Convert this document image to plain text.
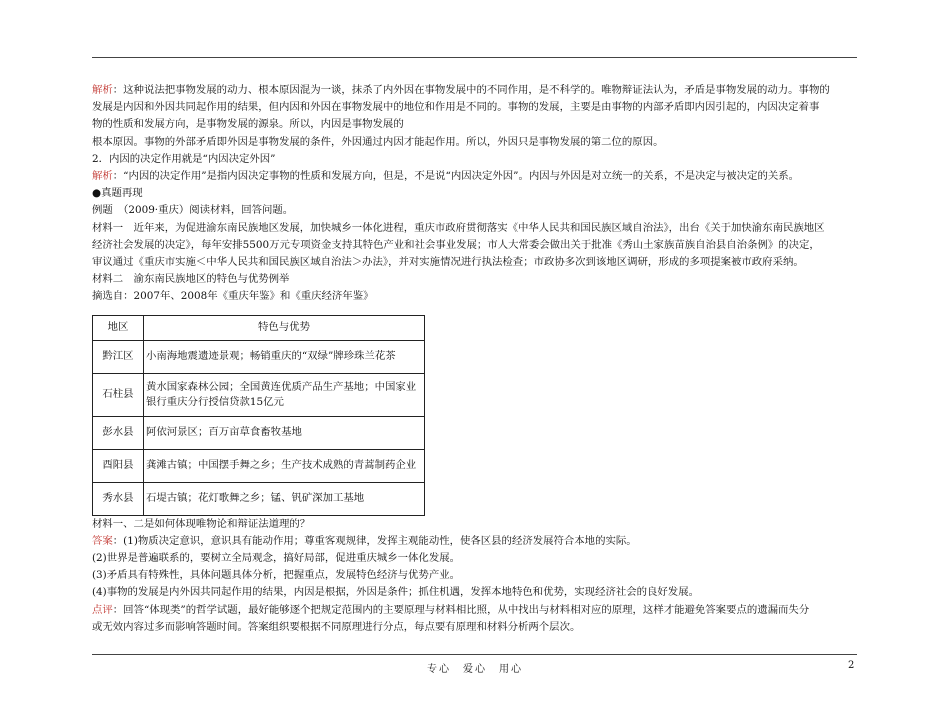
解析：这种说法把事物发展的动力、根本原因混为一谈，抹杀了内外因在事物发展中的不同作用，是不科学的。唯物辩证法认为，矛盾是事物发展的动力。事物的

发展是内因和外因共同起作用的结果，但内因和外因在事物发展中的地位和作用是不同的。事物的发展，主要是由事物的内部矛盾即内因引起的，内因决定着事

物的性质和发展方向，是事物发展的源泉。所以，内因是事物发展的

根本原因。事物的外部矛盾即外因是事物发展的条件，外因通过内因才能起作用。所以，外因只是事物发展的第二位的原因。

2．内因的决定作用就是“内因决定外因”

解析：“内因的决定作用”是指内因决定事物的性质和发展方向，但是，不是说“内因决定外因”。内因与外因是对立统一的关系，不是决定与被决定的关系。

●真题再现

例题　（2009·重庆）阅读材料，回答问题。

材料一　近年来，为促进渝东南民族地区发展，加快城乡一体化进程，重庆市政府贯彻落实《中华人民共和国民族区域自治法》，出台《关于加快渝东南民族地区

经济社会发展的决定》，每年安排5500万元专项资金支持其特色产业和社会事业发展；市人大常委会做出关于批准《秀山土家族苗族自治县自治条例》的决定，

审议通过《重庆市实施＜中华人民共和国民族区域自治法＞办法》，并对实施情况进行执法检查；市政协多次到该地区调研，形成的多项提案被市政府采纳。

材料二　渝东南民族地区的特色与优势例举

摘选自：2007年、2008年《重庆年鉴》和《重庆经济年鉴》

地区	特色与优势
黔江区	小南海地震遗迹景观；畅销重庆的“双绿”牌珍珠兰花茶
石柱县	黄水国家森林公园；全国黄连优质产品生产基地；中国家业
银行重庆分行授信贷款15亿元
彭水县	阿依河景区；百万亩草食畜牧基地
酉阳县	龚滩古镇；中国摆手舞之乡；生产技术成熟的青蒿制药企业
秀水县	石堤古镇；花灯歌舞之乡；锰、钒矿深加工基地

材料一、二是如何体现唯物论和辩证法道理的？

答案：(1)物质决定意识，意识具有能动作用；尊重客观规律，发挥主观能动性，使各区县的经济发展符合本地的实际。

(2)世界是普遍联系的，要树立全局观念，搞好局部，促进重庆城乡一体化发展。

(3)矛盾具有特殊性，具体问题具体分析，把握重点，发展特色经济与优势产业。

(4)事物的发展是内外因共同起作用的结果，内因是根据，外因是条件；抓住机遇，发挥本地特色和优势，实现经济社会的良好发展。

点评：回答“体现类”的哲学试题，最好能够逐个把规定范围内的主要原理与材料相比照，从中找出与材料相对应的原理，这样才能避免答案要点的遗漏而失分

或无效内容过多而影响答题时间。答案组织要根据不同原理进行分点，每点要有原理和材料分析两个层次。

专心　爱心　用心	2
